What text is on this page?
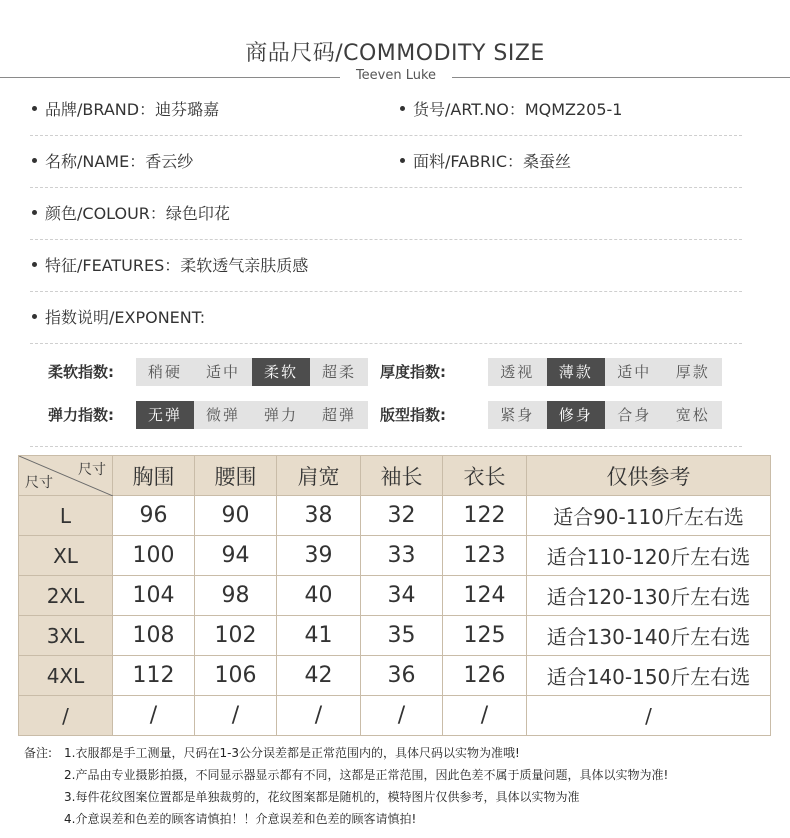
商品尺码/COMMODITY SIZE
Teeven Luke
品牌/BRAND：迪芬璐嘉	货号/ART.NO：MQMZ205-1
名称/NAME：香云纱	面料/FABRIC：桑蚕丝
颜色/COLOUR：绿色印花
特征/FEATURES：柔软透气亲肤质感
指数说明/EXPONENT:
柔软指数:	稍硬	适中	柔软	超柔	厚度指数:	透视	薄款	适中	厚款
弹力指数:	无弹	微弹	弹力	超弹	版型指数:	紧身	修身	合身	宽松
尺寸
尺寸	胸围	腰围	肩宽	袖长	衣长	仅供参考
L	96	90	38	32	122	适合90-110斤左右选
XL	100	94	39	33	123	适合110-120斤左右选
2XL	104	98	40	34	124	适合120-130斤左右选
3XL	108	102	41	35	125	适合130-140斤左右选
4XL	112	106	42	36	126	适合140-150斤左右选
/	/	/	/	/	/	/
备注: 1.衣服都是手工测量，尺码在1-3公分误差都是正常范围内的，具体尺码以实物为准哦!
2.产品由专业摄影拍摄，不同显示器显示都有不同，这都是正常范围，因此色差不属于质量问题，具体以实物为准!
3.每件花纹图案位置都是单独裁剪的，花纹图案都是随机的，模特图片仅供参考，具体以实物为准
4.介意误差和色差的顾客请慎拍！！介意误差和色差的顾客请慎拍!
